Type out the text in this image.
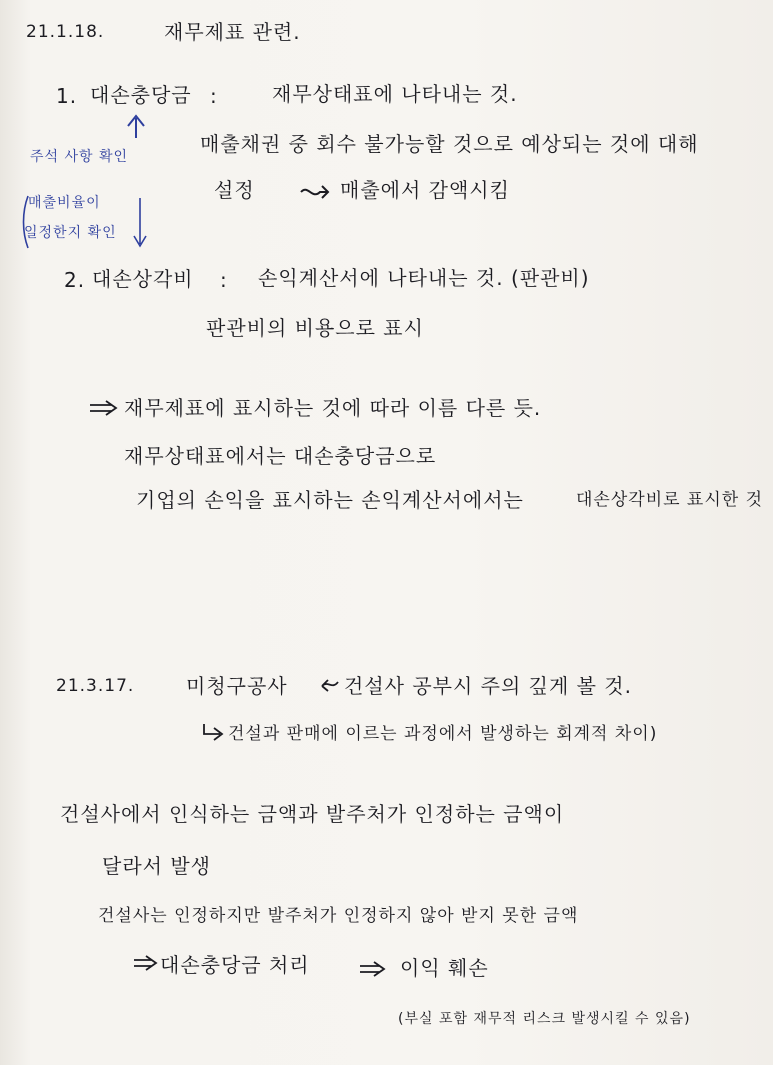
21.1.18.	재무제표 관련.
1. 대손충당금 :	재무상태표에 나타내는 것.
매출채권 중 회수 불가능할 것으로 예상되는 것에 대해
설정	매출에서 감액시킴
주석 사항 확인
매출비율이
일정한지 확인
2. 대손상각비 : 손익계산서에 나타내는 것. (판관비)
판관비의 비용으로 표시
재무제표에 표시하는 것에 따라 이름 다른 듯.
재무상태표에서는 대손충당금으로
기업의 손익을 표시하는 손익계산서에서는	대손상각비로 표시한 것
21.3.17.	미청구공사	건설사 공부시 주의 깊게 볼 것.
건설과 판매에 이르는 과정에서 발생하는 회계적 차이)
건설사에서 인식하는 금액과 발주처가 인정하는 금액이
달라서 발생
건설사는 인정하지만 발주처가 인정하지 않아 받지 못한 금액
대손충당금 처리	이익 훼손
(부실 포함 재무적 리스크 발생시킬 수 있음)
